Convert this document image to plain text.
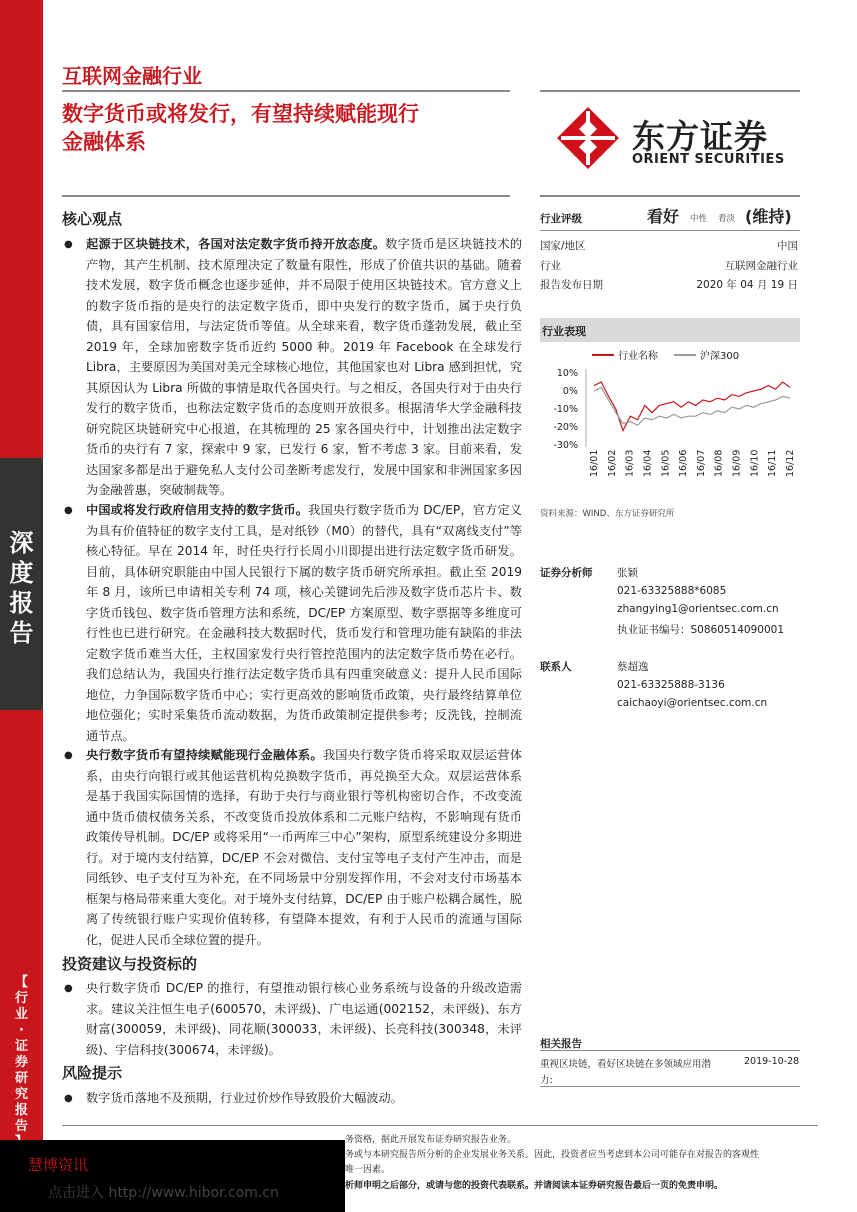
深
度
报
告
【
行
业
·
证
券
研
究
报
告
互联网金融行业
数字货币或将发行，有望持续赋能现行
金融体系	东方证券
ORIENT SECURITIES
核心观点
● 起源于区块链技术，各国对法定数字货币持开放态度。数字货币是区块链技术的产物，其产生机制、技术原理决定了数量有限性，形成了价值共识的基础。随着技术发展，数字货币概念也逐步延伸，并不局限于使用区块链技术。官方意义上的数字货币指的是央行的法定数字货币，即中央发行的数字货币，属于央行负债，具有国家信用，与法定货币等值。从全球来看，数字货币蓬勃发展，截止至 2019 年，全球加密数字货币近约 5000 种。2019 年 Facebook 在全球发行 Libra，主要原因为美国对美元全球核心地位，其他国家也对 Libra 感到担忧，究其原因认为 Libra 所做的事情是取代各国央行。与之相反，各国央行对于由央行发行的数字货币，也称法定数字货币的态度则开放很多。根据清华大学金融科技研究院区块链研究中心报道，在其梳理的 25 家各国央行中，计划推出法定数字货币的央行有 7 家，探索中 9 家，已发行 6 家，暂不考虑 3 家。目前来看，发达国家多都是出于避免私人支付公司垄断考虑发行，发展中国家和非洲国家多因为金融普惠，突破制裁等。
● 中国或将发行政府信用支持的数字货币。我国央行数字货币为 DC/EP，官方定义为具有价值特征的数字支付工具，是对纸钞（M0）的替代，具有“双离线支付”等核心特征。早在 2014 年，时任央行行长周小川即提出进行法定数字货币研发。目前，具体研究职能由中国人民银行下属的数字货币研究所承担。截止至 2019 年 8 月，该所已申请相关专利 74 项，核心关键词先后涉及数字货币芯片卡、数字货币钱包、数字货币管理方法和系统，DC/EP 方案原型、数字票据等多维度可行性也已进行研究。在金融科技大数据时代，货币发行和管理功能有缺陷的非法定数字货币难当大任，主权国家发行央行管控范围内的法定数字货币势在必行。我们总结认为，我国央行推行法定数字货币具有四重突破意义：提升人民币国际地位，力争国际数字货币中心；实行更高效的影响货币政策，央行最终结算单位地位强化；实时采集货币流动数据，为货币政策制定提供参考；反洗钱，控制流通节点。
● 央行数字货币有望持续赋能现行金融体系。我国央行数字货币将采取双层运营体系，由央行向银行或其他运营机构兑换数字货币，再兑换至大众。双层运营体系是基于我国实际国情的选择，有助于央行与商业银行等机构密切合作，不改变流通中货币债权债务关系，不改变货币投放体系和二元账户结构，不影响现有货币政策传导机制。DC/EP 或将采用“一币两库三中心”架构，原型系统建设分多期进行。对于境内支付结算，DC/EP 不会对微信、支付宝等电子支付产生冲击，而是同纸钞、电子支付互为补充，在不同场景中分别发挥作用，不会对支付市场基本框架与格局带来重大变化。对于境外支付结算，DC/EP 由于账户松耦合属性，脱离了传统银行账户实现价值转移，有望降本提效，有利于人民币的流通与国际化，促进人民币全球位置的提升。
投资建议与投资标的
● 央行数字货币 DC/EP 的推行，有望推动银行核心业务系统与设备的升级改造需求。建议关注恒生电子(600570，未评级)、广电运通(002152，未评级)、东方财富(300059，未评级)、同花顺(300033，未评级)、长亮科技(300348，未评级)、宇信科技(300674，未评级)。
风险提示
● 数字货币落地不及预期，行业过价炒作导致股价大幅波动。
行业评级	看好 中性 看淡 (维持)
国家/地区	中国
行业	互联网金融行业
报告发布日期	2020 年 04 月 19 日
行业表现
行业名称	沪深300
10%
0%
-10%
-20%
-30%
16/01 16/02 16/03 16/04 16/05 16/06 16/07 16/08 16/09 16/10 16/11 16/12
资料来源：WIND、东方证券研究所
证券分析师 张颖
021-63325888*6085
zhangying1@orientsec.com.cn
执业证书编号：S0860514090001
联系人	蔡超逸
021-63325888-3136
caichaoyi@orientsec.com.cn
相关报告
重视区块链，看好区块链在多领域应用潜
力:
2019-10-28
务资格，据此开展发布证券研究报告业务。
务或与本研究报告所分析的企业发展业务关系。因此，投资者应当考虑到本公司可能存在对报告的客观性
唯一因素。
析师申明之后部分，或请与您的投资代表联系。并请阅读本证券研究报告最后一页的免责申明。
慧博资讯
点击进入 http://www.hibor.com.cn
